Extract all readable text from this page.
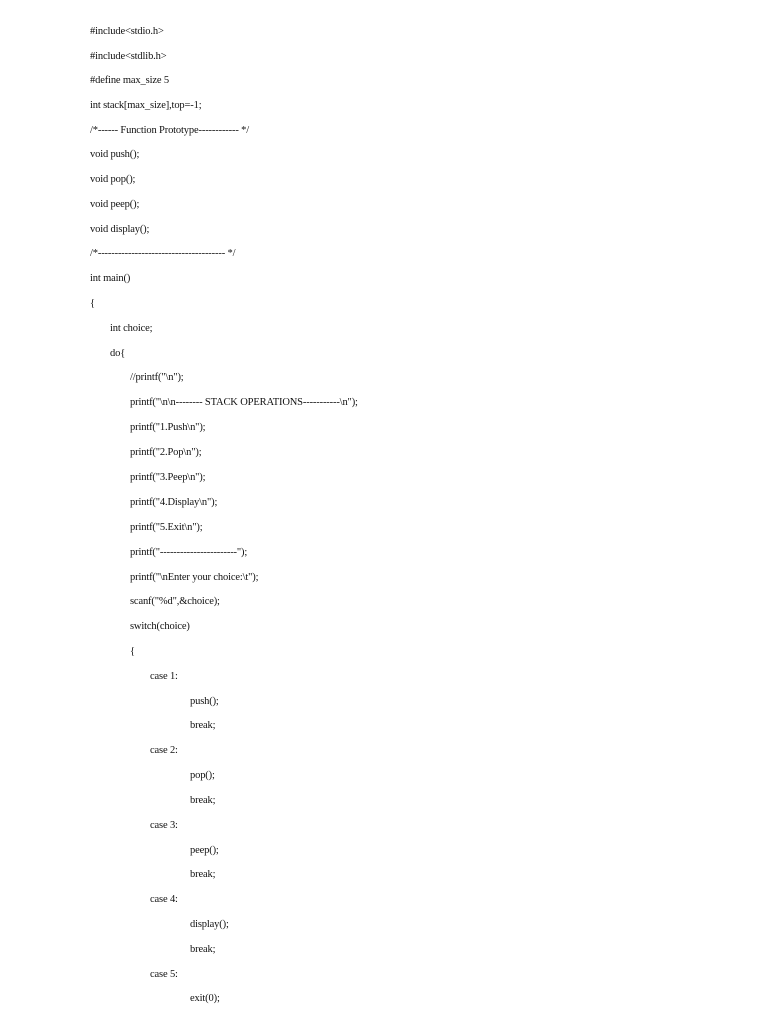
#include<stdio.h>
#include<stdlib.h>
#define max_size 5
int stack[max_size],top=-1;
/*------ Function Prototype------------ */
void push();
void pop();
void peep();
void display();
/*-------------------------------------- */
int main()
{
int choice;
do{
//printf("\n");
printf("\n\n-------- STACK OPERATIONS-----------\n");
printf("1.Push\n");
printf("2.Pop\n");
printf("3.Peep\n");
printf("4.Display\n");
printf("5.Exit\n");
printf("-----------------------");
printf("\nEnter your choice:\t");
scanf("%d",&choice);
switch(choice)
{
case 1:
push();
break;
case 2:
pop();
break;
case 3:
peep();
break;
case 4:
display();
break;
case 5:
exit(0);
